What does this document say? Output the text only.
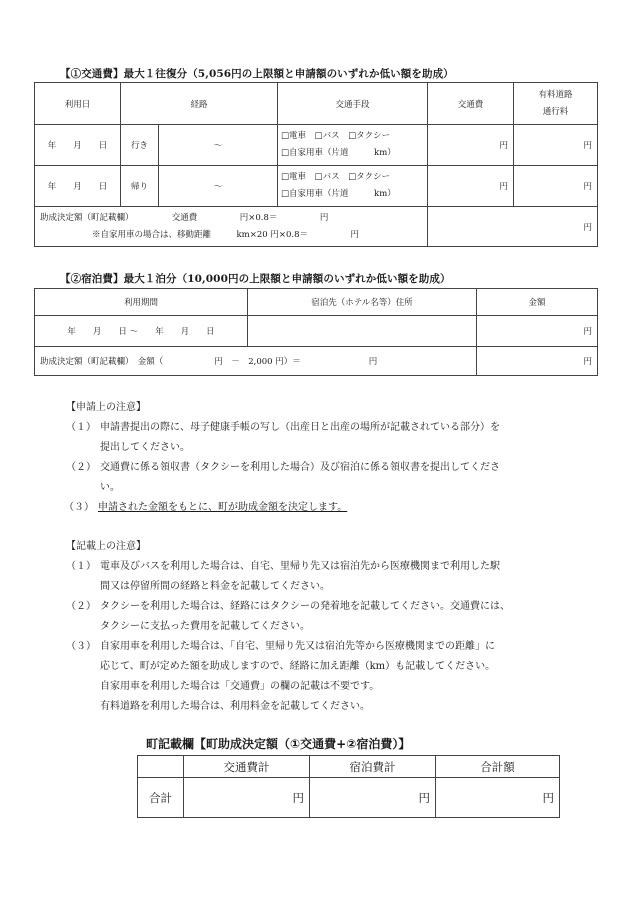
【①交通費】最大１往復分（5,056円の上限額と申請額のいずれか低い額を助成）
利用日	経路		交通手段	交通費	有料道路
通行料

年　　月　　日	行き	～	□電車　□バス　□タクシー
□自家用車（片道　　　km）	円	円
年　　月　　日	帰り	～	□電車　□バス　□タクシー
□自家用車（片道　　　km）	円	円

助成決定額（町記載欄）　　　　　交通費　　　　　円×0.8＝　　　　　円
※自家用車の場合は、移動距離　　　km×20 円×0.8＝　　　　　円				円	
【②宿泊費】最大１泊分（10,000円の上限額と申請額のいずれか低い額を助成）
利用期間	宿泊先（ホテル名等）住所	金額
年　　月　　日 ～　　年　　月　　日		円
助成決定額（町記載欄）　金額（　　　　　　円　－　2,000 円）＝　　　　　　　　円		円
【申請上の注意】
（１） 申請書提出の際に、母子健康手帳の写し（出産日と出産の場所が記載されている部分）を
提出してください。
（２） 交通費に係る領収書（タクシーを利用した場合）及び宿泊に係る領収書を提出してくださ
い。
（３） 申請された金額をもとに、町が助成金額を決定します。
【記載上の注意】
（１） 電車及びバスを利用した場合は、自宅、里帰り先又は宿泊先から医療機関まで利用した駅
間又は停留所間の経路と料金を記載してください。
（２） タクシーを利用した場合は、経路にはタクシーの発着地を記載してください。交通費には、
タクシーに支払った費用を記載してください。
（３） 自家用車を利用した場合は、「自宅、里帰り先又は宿泊先等から医療機関までの距離」に
応じて、町が定めた額を助成しますので、経路に加え距離（km）も記載してください。
自家用車を利用した場合は「交通費」の欄の記載は不要です。
有料道路を利用した場合は、利用料金を記載してください。
町記載欄【町助成決定額（①交通費+②宿泊費）】
	交通費計	宿泊費計	合計額
合計	円	円	円
